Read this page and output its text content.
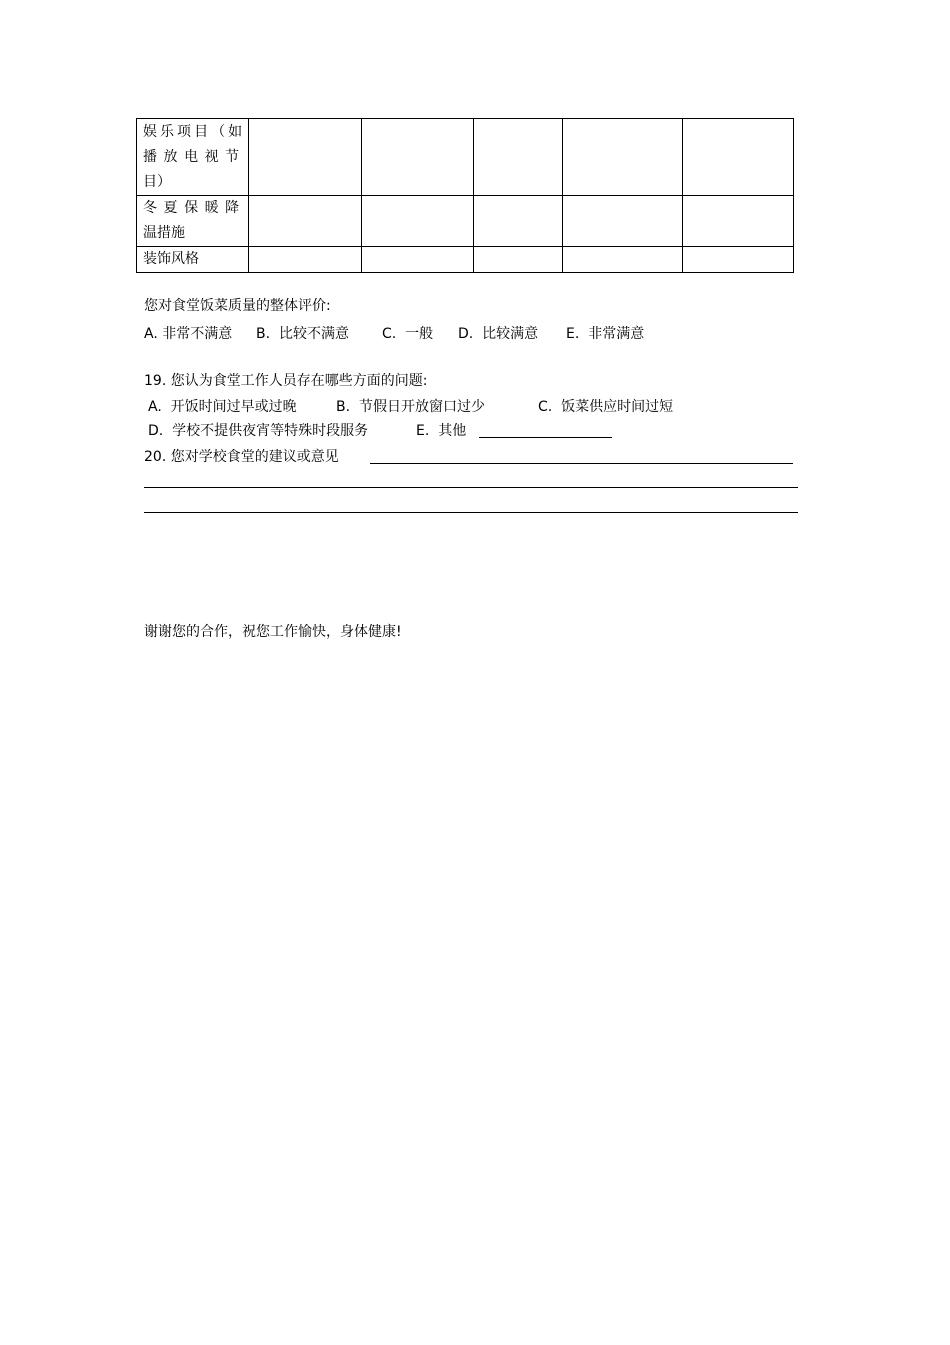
娱乐项目（如
播放电视节
目）					

冬夏保暖降
温措施					

装饰风格					

您对食堂饭菜质量的整体评价:
A. 非常不满意 B.  比较不满意 C.  一般 D.  比较满意 E.  非常满意
19. 您认为食堂工作人员存在哪些方面的问题:
A.  开饭时间过早或过晚	B.  节假日开放窗口过少	C.  饭菜供应时间过短
D.  学校不提供夜宵等特殊时段服务	E.  其他
20. 您对学校食堂的建议或意见
谢谢您的合作，祝您工作愉快，身体健康!
